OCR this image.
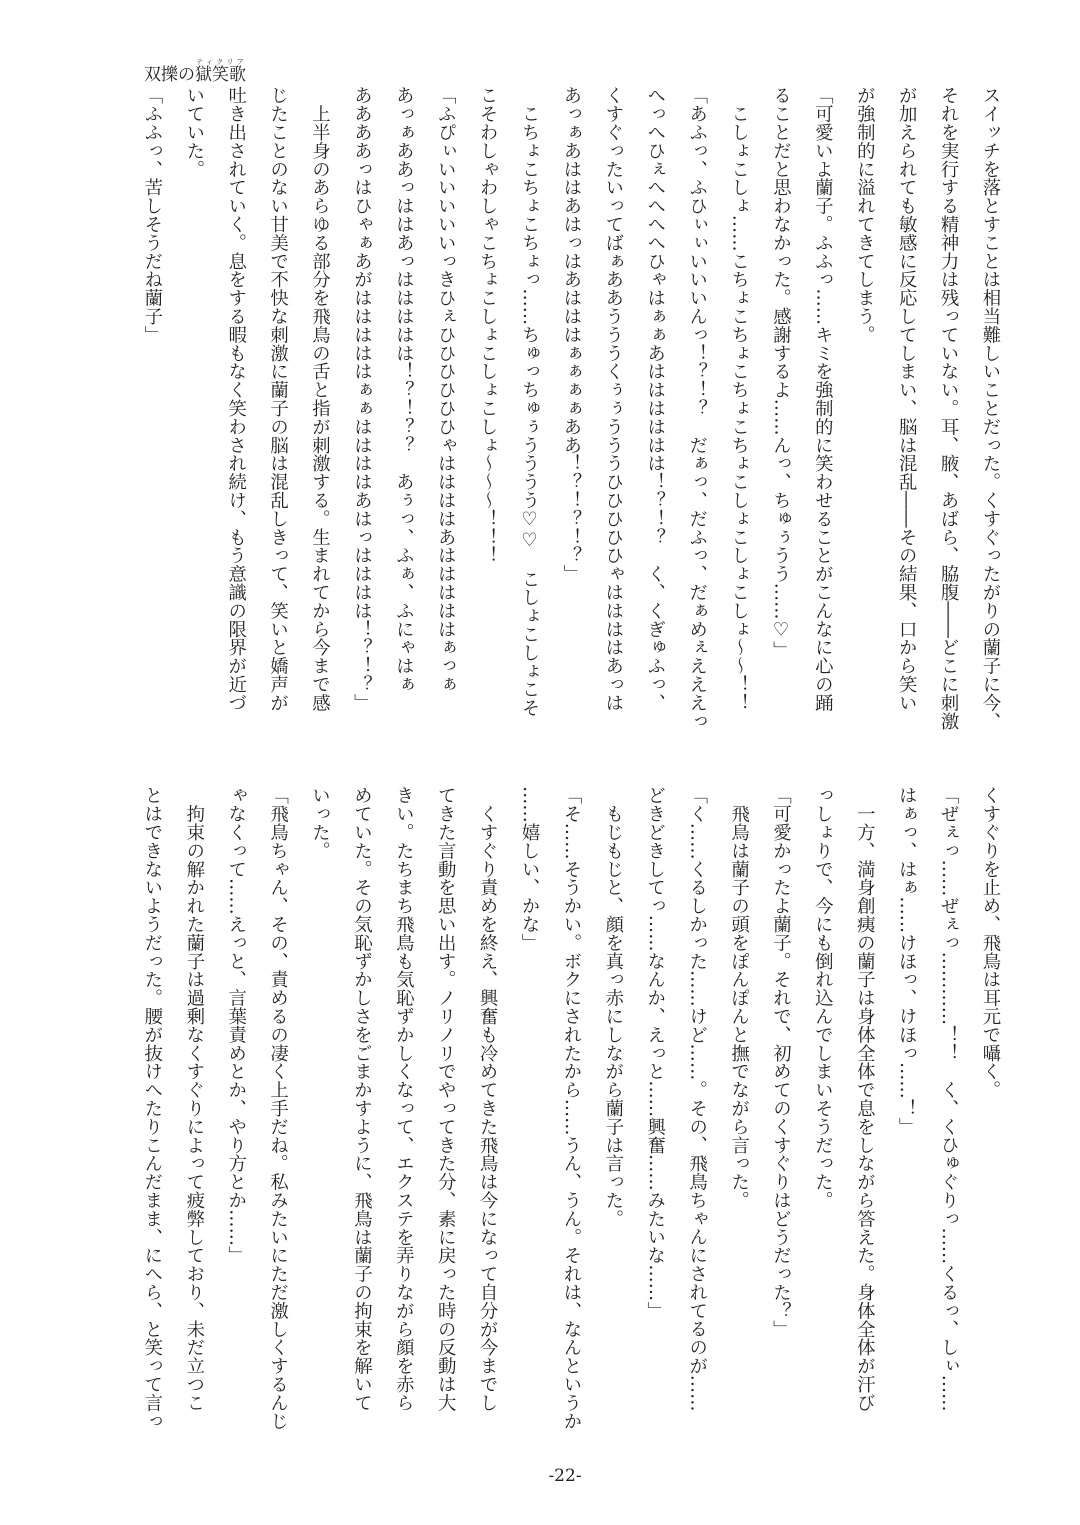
双擽の獄笑歌ティクリア
スイッチを落とすことは相当難しいことだった。くすぐったがりの蘭子に今、
それを実行する精神力は残っていない。耳、腋、あばら、脇腹――どこに刺激
が加えられても敏感に反応してしまい、脳は混乱――その結果、口から笑い
が強制的に溢れてきてしまう。
「可愛いよ蘭子。ふふっ……キミを強制的に笑わせることがこんなに心の踊
ることだと思わなかった。感謝するよ……んっ、ちゅぅうう……♡」
　こしょこしょ……こちょこちょこちょこちょこしょこしょこしょ～～！！
「あふっ、ふひぃぃいいいんっ！？！？　だぁっ、だふっ、だぁめぇえええっ
へっへひぇへへへへひゃはぁぁあはははははは！？！？　く、くぎゅふっ、
くすぐったいってばぁああうううくぅぅうううひひひひひゃははははあっは
あっぁあははあはっはあはははぁぁぁぁああ！？！？！？」
　こちょこちょこちょっ……ちゅっちゅぅうううう♡♡　こしょこしょこそ
こそわしゃわしゃこちょこしょこしょこしょ～～～！！！
「ふぴぃいいいいいっきひぇひひひひひひゃははははあはははははぁっぁ
あっぁああっははあっははははは！？！？？　あぅっ、ふぁ、ふにゃはぁ
ああああっはひゃぁあがはははははぁぁははははあはっはははは！？！？」
　上半身のあらゆる部分を飛鳥の舌と指が刺激する。生まれてから今まで感
じたことのない甘美で不快な刺激に蘭子の脳は混乱しきって、笑いと嬌声が
吐き出されていく。息をする暇もなく笑わされ続け、もう意識の限界が近づ
いていた。
「ふふっ、苦しそうだね蘭子」
くすぐりを止め、飛鳥は耳元で囁く。
「ぜぇっ……ぜぇっ…………！！　く、くひゅぐりっ……くるっ、しぃ……
はぁっ、はぁ……けほっ、けほっ……！」
　一方、満身創痍の蘭子は身体全体で息をしながら答えた。身体全体が汗び
っしょりで、今にも倒れ込んでしまいそうだった。
「可愛かったよ蘭子。それで、初めてのくすぐりはどうだった？」
　飛鳥は蘭子の頭をぽんぽんと撫でながら言った。
「く……くるしかった……けど……。その、飛鳥ちゃんにされてるのが……
どきどきしてっ……なんか、えっと……興奮……みたいな……」
　もじもじと、顔を真っ赤にしながら蘭子は言った。
「そ……そうかい。ボクにされたから……うん、うん。それは、なんというか
……嬉しい、かな」
　くすぐり責めを終え、興奮も冷めてきた飛鳥は今になって自分が今までし
てきた言動を思い出す。ノリノリでやってきた分、素に戻った時の反動は大
きい。たちまち飛鳥も気恥ずかしくなって、エクステを弄りながら顔を赤ら
めていた。その気恥ずかしさをごまかすように、飛鳥は蘭子の拘束を解いて
いった。
「飛鳥ちゃん、その、責めるの凄く上手だね。私みたいにただ激しくするんじ
ゃなくって……えっと、言葉責めとか、やり方とか……」
　拘束の解かれた蘭子は過剰なくすぐりによって疲弊しており、未だ立つこ
とはできないようだった。腰が抜けへたりこんだまま、にへら、と笑って言っ
-22-
